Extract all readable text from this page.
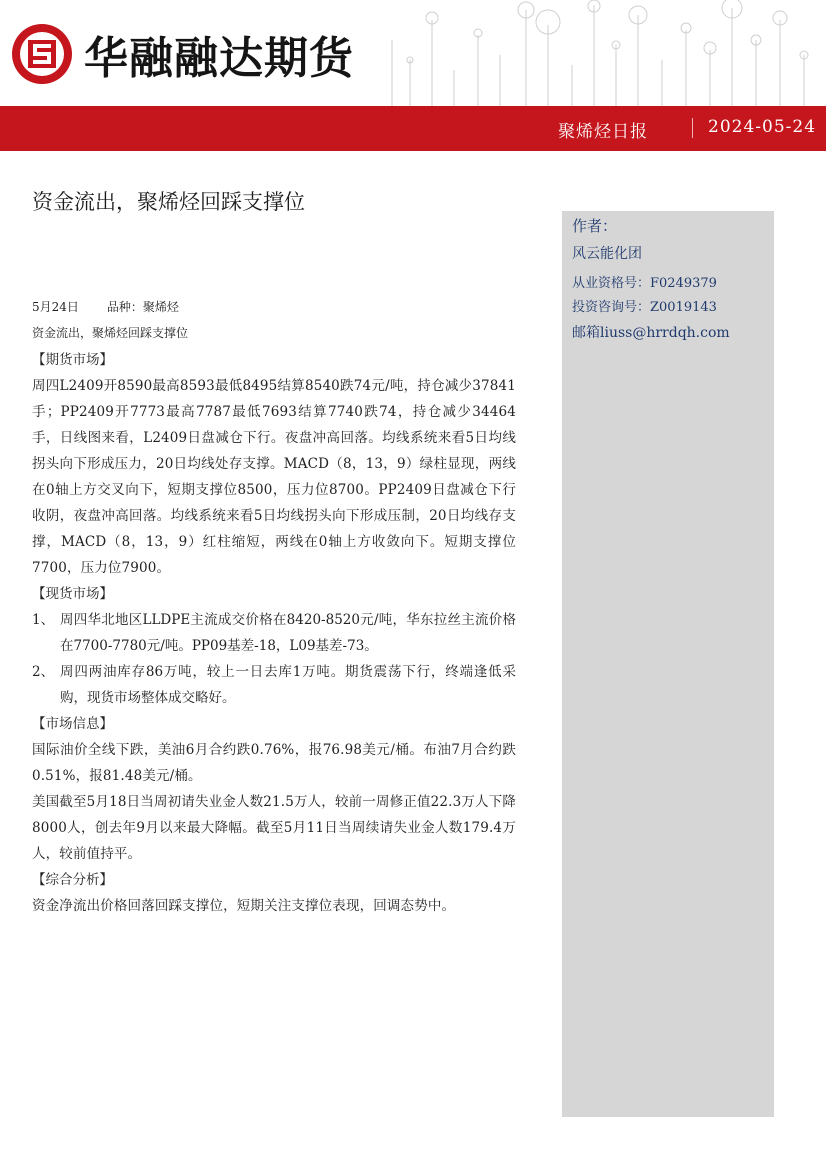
华融融达期货
聚烯烃日报	2024-05-24
资金流出，聚烯烃回踩支撑位
作者：
风云能化团
从业资格号：F0249379
投资咨询号：Z0019143
邮箱liuss@hrrdqh.com

5月24日 品种：聚烯烃

资金流出，聚烯烃回踩支撑位

【期货市场】

周四L2409开8590最高8593最低8495结算8540跌74元/吨，持仓减少37841手；PP2409开7773最高7787最低7693结算7740跌74，持仓减少34464手，日线图来看，L2409日盘减仓下行。夜盘冲高回落。均线系统来看5日均线拐头向下形成压力，20日均线处存支撑。MACD（8，13，9）绿柱显现，两线在0轴上方交叉向下，短期支撑位8500，压力位8700。PP2409日盘减仓下行收阴，夜盘冲高回落。均线系统来看5日均线拐头向下形成压制，20日均线存支撑，MACD（8，13，9）红柱缩短，两线在0轴上方收敛向下。短期支撑位7700，压力位7900。

【现货市场】

1、 周四华北地区LLDPE主流成交价格在8420-8520元/吨，华东拉丝主流价格在7700-7780元/吨。PP09基差-18，L09基差-73。
2、 周四两油库存86万吨，较上一日去库1万吨。期货震荡下行，终端逢低采购，现货市场整体成交略好。

【市场信息】

国际油价全线下跌，美油6月合约跌0.76%，报76.98美元/桶。布油7月合约跌0.51%，报81.48美元/桶。

美国截至5月18日当周初请失业金人数21.5万人，较前一周修正值22.3万人下降8000人，创去年9月以来最大降幅。截至5月11日当周续请失业金人数179.4万人，较前值持平。

【综合分析】

资金净流出价格回落回踩支撑位，短期关注支撑位表现，回调态势中。
